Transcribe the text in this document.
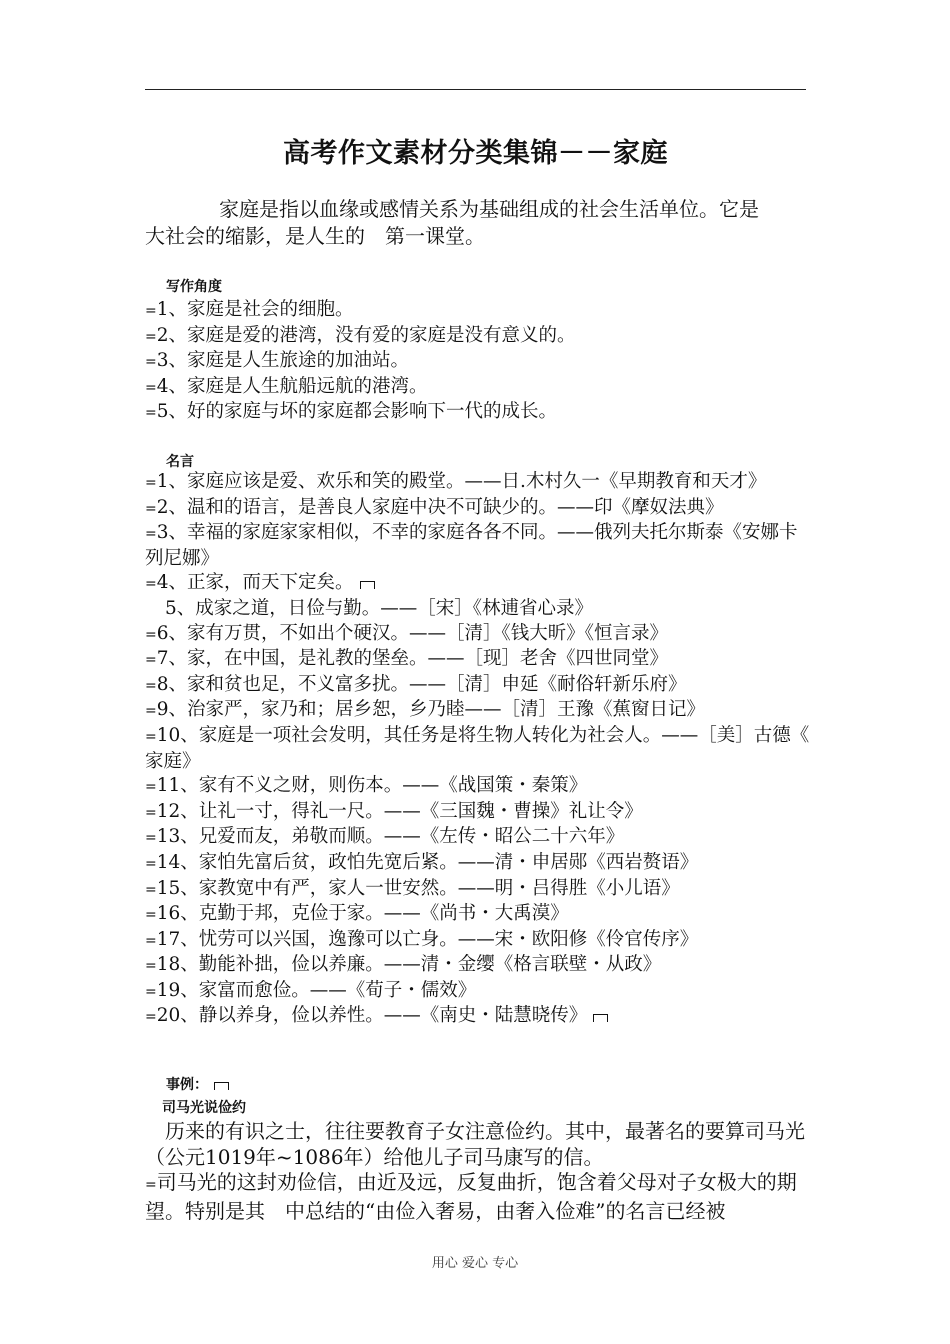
高考作文素材分类集锦－－家庭
家庭是指以血缘或感情关系为基础组成的社会生活单位。它是
大社会的缩影，是人生的　第一课堂。
写作角度
= 1、家庭是社会的细胞。
= 2、家庭是爱的港湾，没有爱的家庭是没有意义的。
= 3、家庭是人生旅途的加油站。
= 4、家庭是人生航船远航的港湾。
= 5、好的家庭与坏的家庭都会影响下一代的成长。
名言
= 1、家庭应该是爱、欢乐和笑的殿堂。——日.木村久一《早期教育和天才》
= 2、温和的语言，是善良人家庭中决不可缺少的。——印《摩奴法典》
= 3、幸福的家庭家家相似，不幸的家庭各各不同。——俄列夫托尔斯泰《安娜卡　列尼娜》
= 4、正家，而天下定矣。
5、成家之道，日俭与勤。——［宋］《林逋省心录》
= 6、家有万贯，不如出个硬汉。——［清］《钱大昕》《恒言录》
= 7、家，在中国，是礼教的堡垒。——［现］老舍《四世同堂》
= 8、家和贫也足，不义富多扰。——［清］申延《耐俗轩新乐府》
= 9、治家严，家乃和；居乡恕，乡乃睦——［清］王豫《蕉窗日记》
= 10、家庭是一项社会发明，其任务是将生物人转化为社会人。——［美］古德《　家庭》
= 11、家有不义之财，则伤本。——《战国策・秦策》
= 12、让礼一寸，得礼一尺。——《三国魏・曹操》礼让令》
= 13、兄爱而友，弟敬而顺。——《左传・昭公二十六年》
= 14、家怕先富后贫，政怕先宽后紧。——清・申居郧《西岩赘语》
= 15、家教宽中有严，家人一世安然。——明・吕得胜《小儿语》
= 16、克勤于邦，克俭于家。——《尚书・大禹漠》
= 17、忧劳可以兴国，逸豫可以亡身。——宋・欧阳修《伶官传序》
= 18、勤能补拙，俭以养廉。——清・金缨《格言联壁・从政》
= 19、家富而愈俭。——《荀子・儒效》
= 20、静以养身，俭以养性。——《南史・陆慧晓传》
事例：
司马光说俭约
　历来的有识之士，往往要教育子女注意俭约。其中，最著名的要算司马光　（公元1019年~1086年）给他儿子司马康写的信。
= 司马光的这封劝俭信，由近及远，反复曲折，饱含着父母对子女极大的期望。特别是其　中总结的“由俭入奢易，由奢入俭难”的名言已经被
用心 爱心 专心
